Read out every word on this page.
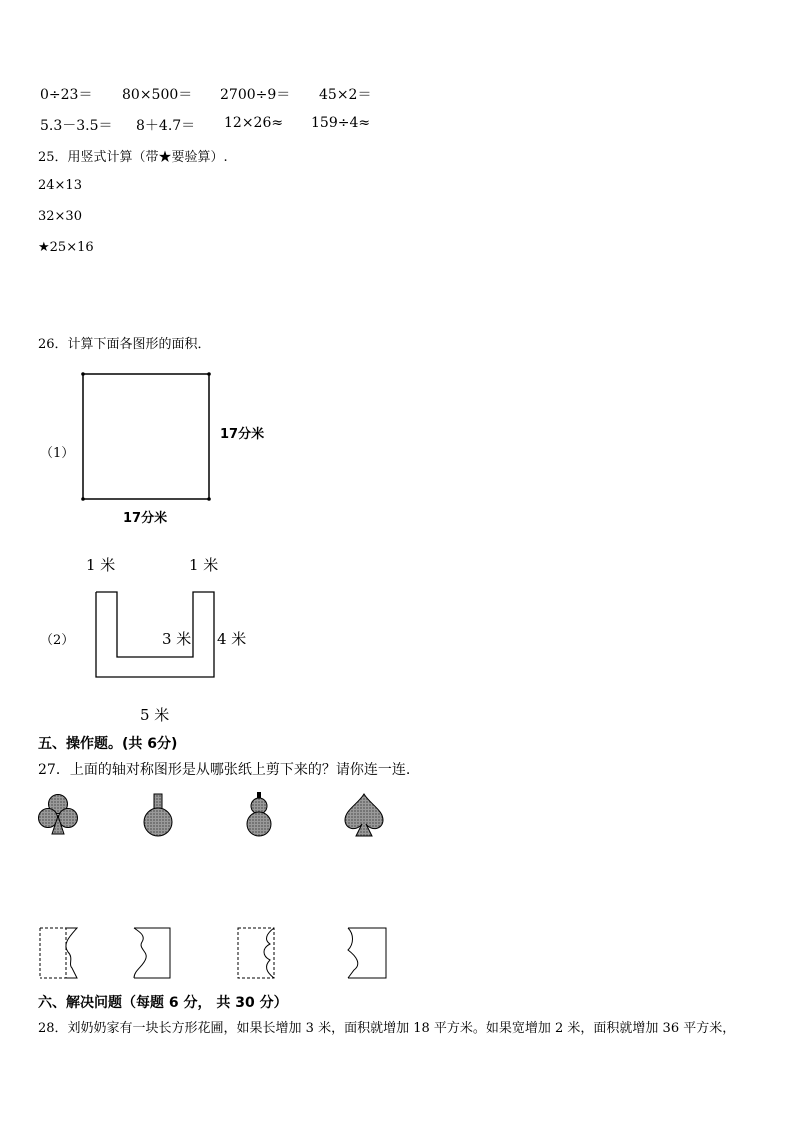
0÷23＝ 80×500＝ 2700÷9＝ 45×2＝
5.3－3.5＝ 8＋4.7＝ 12×26≈ 159÷4≈
25．用竖式计算（带★要验算）.
24×13
32×30
★25×16
26．计算下面各图形的面积．
（1）
17分米
17分米
1 米	1 米
（2）	3 米 4 米
5 米
五、操作题。(共 6分)
27．上面的轴对称图形是从哪张纸上剪下来的？请你连一连.
六、解决问题（每题 6 分， 共 30 分）
28．刘奶奶家有一块长方形花圃，如果长增加 3 米，面积就增加 18 平方米。如果宽增加 2 米，面积就增加 36 平方米，
